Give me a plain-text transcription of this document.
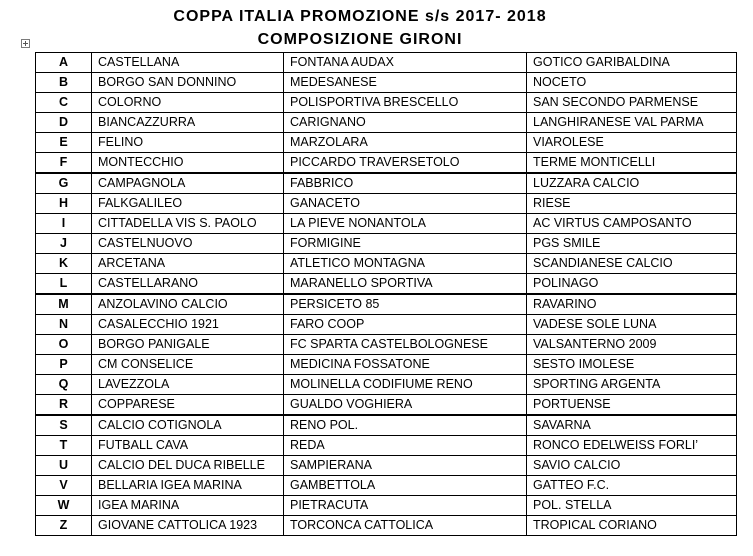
COPPA ITALIA PROMOZIONE s/s 2017- 2018
COMPOSIZIONE GIRONI
A	CASTELLANA	FONTANA AUDAX	GOTICO GARIBALDINA
B	BORGO SAN DONNINO	MEDESANESE	NOCETO
C	COLORNO	POLISPORTIVA BRESCELLO	SAN SECONDO PARMENSE
D	BIANCAZZURRA	CARIGNANO	LANGHIRANESE VAL PARMA
E	FELINO	MARZOLARA	VIAROLESE
F	MONTECCHIO	PICCARDO TRAVERSETOLO	TERME MONTICELLI
G	CAMPAGNOLA	FABBRICO	LUZZARA CALCIO
H	FALKGALILEO	GANACETO	RIESE
I	CITTADELLA VIS S. PAOLO	LA PIEVE NONANTOLA	AC VIRTUS CAMPOSANTO
J	CASTELNUOVO	FORMIGINE	PGS SMILE
K	ARCETANA	ATLETICO MONTAGNA	SCANDIANESE CALCIO
L	CASTELLARANO	MARANELLO SPORTIVA	POLINAGO
M	ANZOLAVINO CALCIO	PERSICETO 85	RAVARINO
N	CASALECCHIO 1921	FARO COOP	VADESE SOLE LUNA
O	BORGO PANIGALE	FC SPARTA CASTELBOLOGNESE	VALSANTERNO 2009
P	CM CONSELICE	MEDICINA FOSSATONE	SESTO IMOLESE
Q	LAVEZZOLA	MOLINELLA CODIFIUME RENO	SPORTING ARGENTA
R	COPPARESE	GUALDO VOGHIERA	PORTUENSE
S	CALCIO COTIGNOLA	RENO POL.	SAVARNA
T	FUTBALL CAVA	REDA	RONCO EDELWEISS FORLI’
U	CALCIO DEL DUCA RIBELLE	SAMPIERANA	SAVIO CALCIO
V	BELLARIA IGEA MARINA	GAMBETTOLA	GATTEO F.C.
W	IGEA MARINA	PIETRACUTA	POL. STELLA
Z	GIOVANE CATTOLICA 1923	TORCONCA CATTOLICA	TROPICAL CORIANO
